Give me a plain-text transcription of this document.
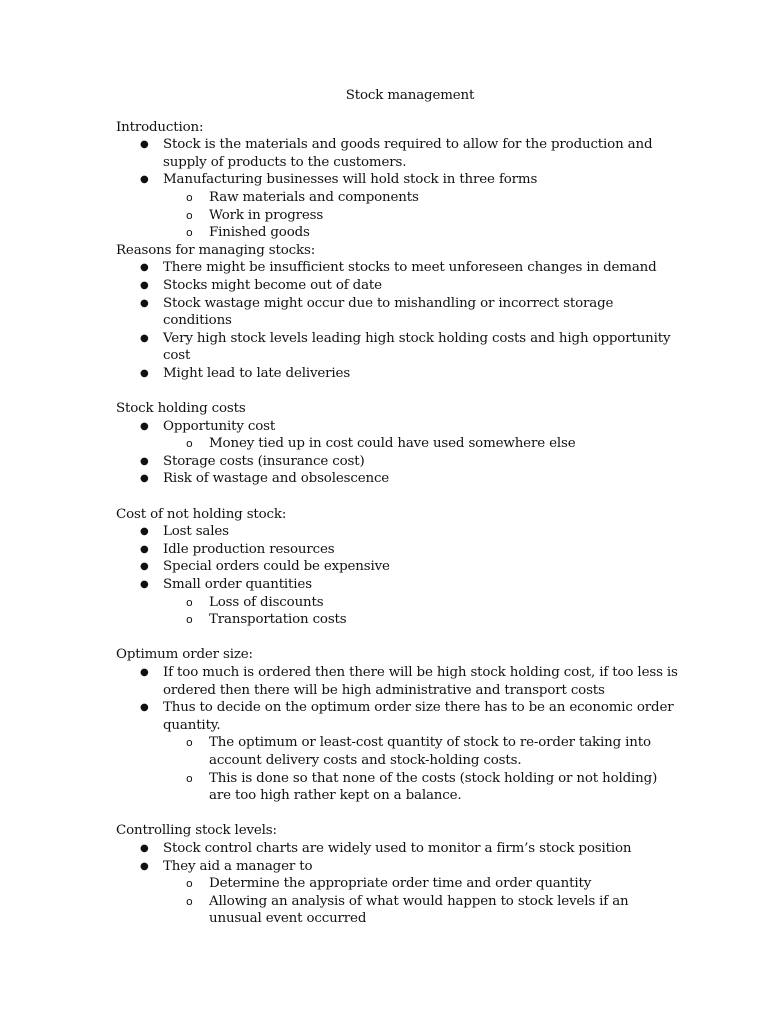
Stock management
Introduction:
● Stock is the materials and goods required to allow for the production and supply of products to the customers.
● Manufacturing businesses will hold stock in three forms
o Raw materials and components
o Work in progress
o Finished goods
Reasons for managing stocks:
● There might be insufficient stocks to meet unforeseen changes in demand
● Stocks might become out of date
● Stock wastage might occur due to mishandling or incorrect storage conditions
● Very high stock levels leading high stock holding costs and high opportunity cost
● Might lead to late deliveries
Stock holding costs
● Opportunity cost
o Money tied up in cost could have used somewhere else
● Storage costs (insurance cost)
● Risk of wastage and obsolescence
Cost of not holding stock:
● Lost sales
● Idle production resources
● Special orders could be expensive
● Small order quantities
o Loss of discounts
o Transportation costs
Optimum order size:
● If too much is ordered then there will be high stock holding cost, if too less is ordered then there will be high administrative and transport costs
● Thus to decide on the optimum order size there has to be an economic order quantity.
o The optimum or least-cost quantity of stock to re-order taking into account delivery costs and stock-holding costs.
o This is done so that none of the costs (stock holding or not holding) are too high rather kept on a balance.
Controlling stock levels:
● Stock control charts are widely used to monitor a firm’s stock position
● They aid a manager to
o Determine the appropriate order time and order quantity
o Allowing an analysis of what would happen to stock levels if an unusual event occurred
